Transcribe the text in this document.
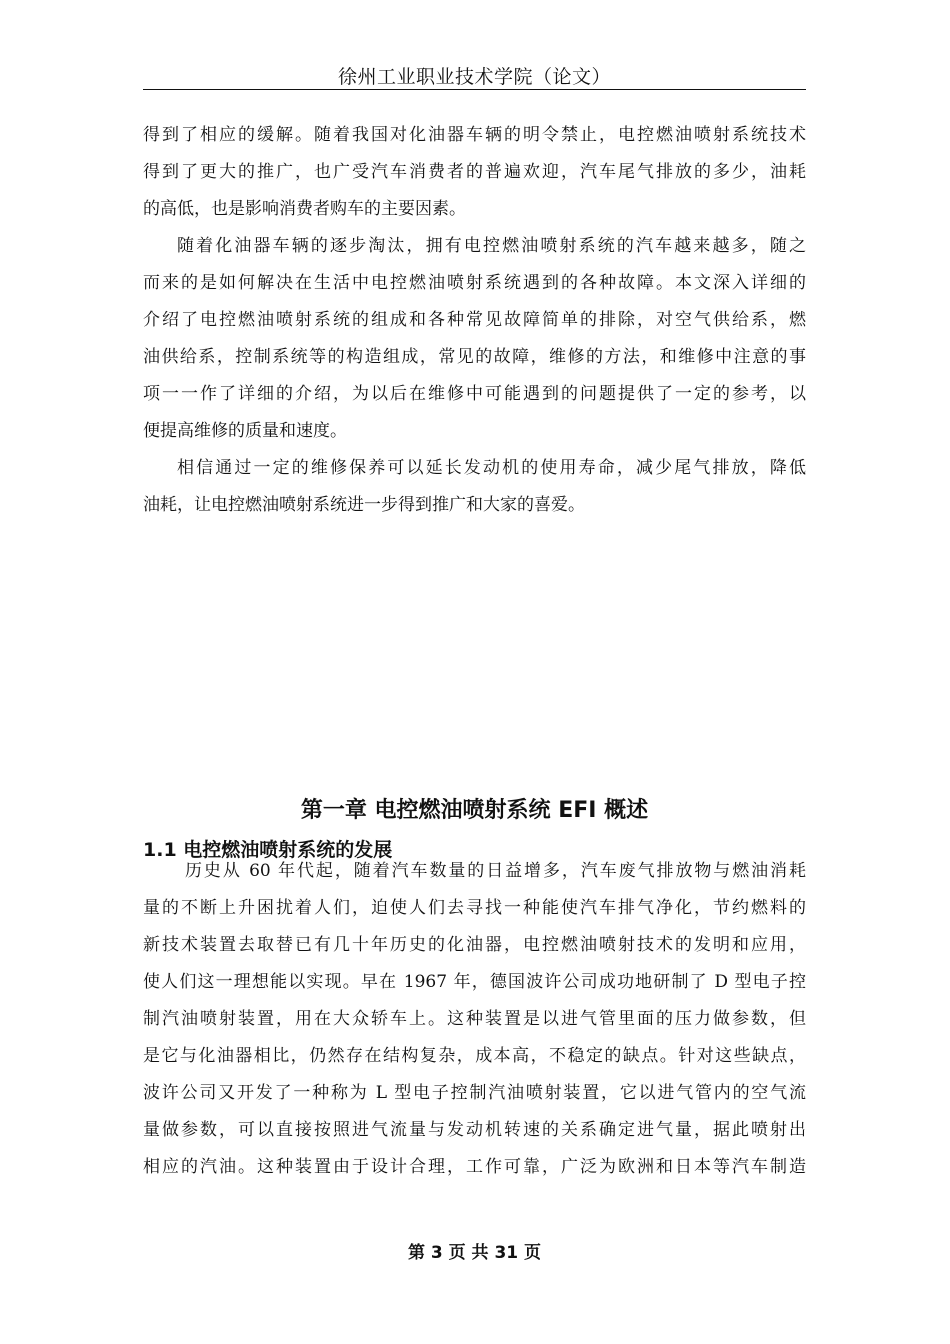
徐州工业职业技术学院（论文）
得到了相应的缓解。随着我国对化油器车辆的明令禁止，电控燃油喷射系统技术
得到了更大的推广，也广受汽车消费者的普遍欢迎，汽车尾气排放的多少，油耗
的高低，也是影响消费者购车的主要因素。
随着化油器车辆的逐步淘汰，拥有电控燃油喷射系统的汽车越来越多，随之
而来的是如何解决在生活中电控燃油喷射系统遇到的各种故障。本文深入详细的
介绍了电控燃油喷射系统的组成和各种常见故障简单的排除，对空气供给系，燃
油供给系，控制系统等的构造组成，常见的故障，维修的方法，和维修中注意的事
项一一作了详细的介绍，为以后在维修中可能遇到的问题提供了一定的参考，以
便提高维修的质量和速度。
相信通过一定的维修保养可以延长发动机的使用寿命，减少尾气排放，降低
油耗，让电控燃油喷射系统进一步得到推广和大家的喜爱。
第一章 电控燃油喷射系统 EFI 概述
1.1 电控燃油喷射系统的发展
历史从 60 年代起，随着汽车数量的日益增多，汽车废气排放物与燃油消耗
量的不断上升困扰着人们，迫使人们去寻找一种能使汽车排气净化，节约燃料的
新技术装置去取替已有几十年历史的化油器，电控燃油喷射技术的发明和应用，
使人们这一理想能以实现。早在 1967 年，德国波许公司成功地研制了 D 型电子控
制汽油喷射装置，用在大众轿车上。这种装置是以进气管里面的压力做参数，但
是它与化油器相比，仍然存在结构复杂，成本高，不稳定的缺点。针对这些缺点，
波许公司又开发了一种称为 L 型电子控制汽油喷射装置，它以进气管内的空气流
量做参数，可以直接按照进气流量与发动机转速的关系确定进气量，据此喷射出
相应的汽油。这种装置由于设计合理，工作可靠，广泛为欧洲和日本等汽车制造
第 3 页 共 31 页
